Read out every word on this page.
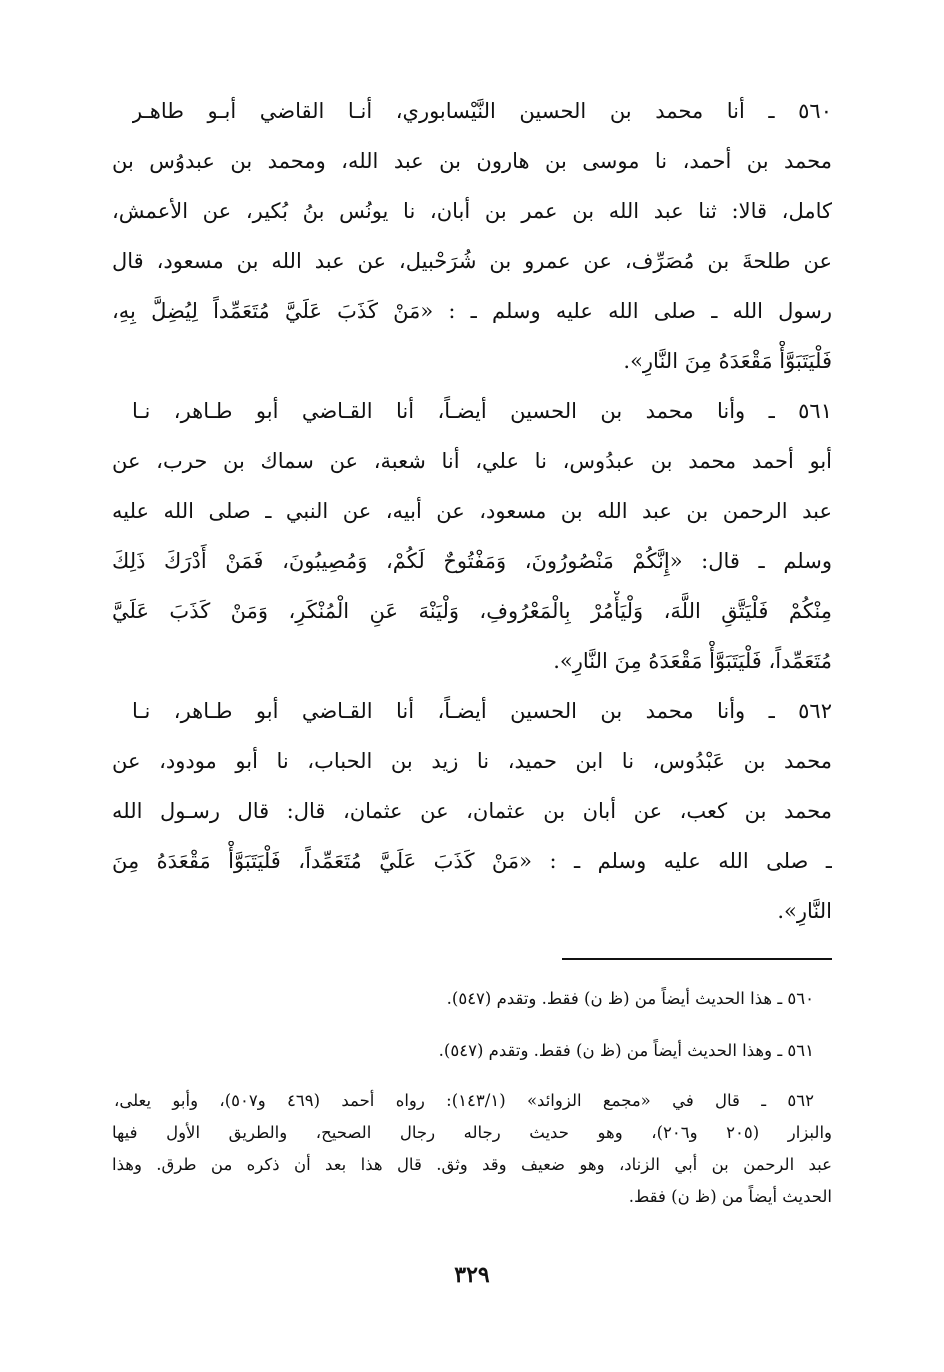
٥٦٠ ـ أنا محمد بن الحسين النَّيْسابوري، أنـا القاضي أبـو طاهـر
محمد بن أحمد، نا موسى بن هارون بن عبد الله، ومحمد بن عبدوُس بن
كامل، قالا: ثنا عبد الله بن عمر بن أبان، نا يونُس بنُ بُكير، عن الأعمش،
عن طلحةَ بن مُصَرِّف، عن عمرو بن شُرَحْبيل، عن عبد الله بن مسعود، قال
رسول الله ـ صلى الله عليه وسلم ـ : «مَنْ كَذَبَ عَلَيَّ مُتَعَمِّداً لِيُضِلَّ بِهِ،
فَلْيَتَبَوَّأْ مَقْعَدَهُ مِنَ النَّارِ».
٥٦١ ـ وأنا محمد بن الحسين أيضـاً، أنا القـاضي أبو طـاهر، نـا
أبو أحمد محمد بن عبدُوس، نا علي، أنا شعبة، عن سماك بن حرب، عن
عبد الرحمن بن عبد الله بن مسعود، عن أبيه، عن النبي ـ صلى الله عليه
وسلم ـ قال: «إِنَّكُمْ مَنْصُورُونَ، وَمَفْتُوحٌ لَكُمْ، وَمُصِيبُونَ، فَمَنْ أَدْرَكَ ذَلِكَ
مِنْكُمْ فَلْيَتَّقِ اللَّهَ، وَلْيَأْمُرْ بِالْمَعْرُوفِ، وَلْيَنْهَ عَنِ الْمُنْكَرِ، وَمَنْ كَذَبَ عَلَيَّ
مُتَعَمِّداً، فَلْيَتَبَوَّأْ مَقْعَدَهُ مِنَ النَّارِ».
٥٦٢ ـ وأنا محمد بن الحسين أيضـاً، أنا القـاضي أبو طـاهر، نـا
محمد بن عَبْدُوس، نا ابن حميد، نا زيد بن الحباب، نا أبو مودود، عن
محمد بن كعب، عن أبان بن عثمان، عن عثمان، قال: قال رسـول الله
ـ صلى الله عليه وسلم ـ : «مَنْ كَذَبَ عَلَيَّ مُتَعَمِّداً، فَلْيَتَبَوَّأْ مَقْعَدَهُ مِنَ
النَّارِ».
٥٦٠ ـ هذا الحديث أيضاً من (ظ ن) فقط. وتقدم (٥٤٧).
٥٦١ ـ وهذا الحديث أيضاً من (ظ ن) فقط. وتقدم (٥٤٧).
٥٦٢ ـ قال في «مجمع الزوائد» (١٤٣/١): رواه أحمد (٤٦٩ و٥٠٧)، وأبو يعلى،
والبزار (٢٠٥ و٢٠٦)، وهو حديث رجاله رجال الصحيح، والطريق الأول فيها
عبد الرحمن بن أبي الزناد، وهو ضعيف وقد وثق. قال هذا بعد أن ذكره من طرق. وهذا
الحديث أيضاً من (ظ ن) فقط.
٣٢٩
